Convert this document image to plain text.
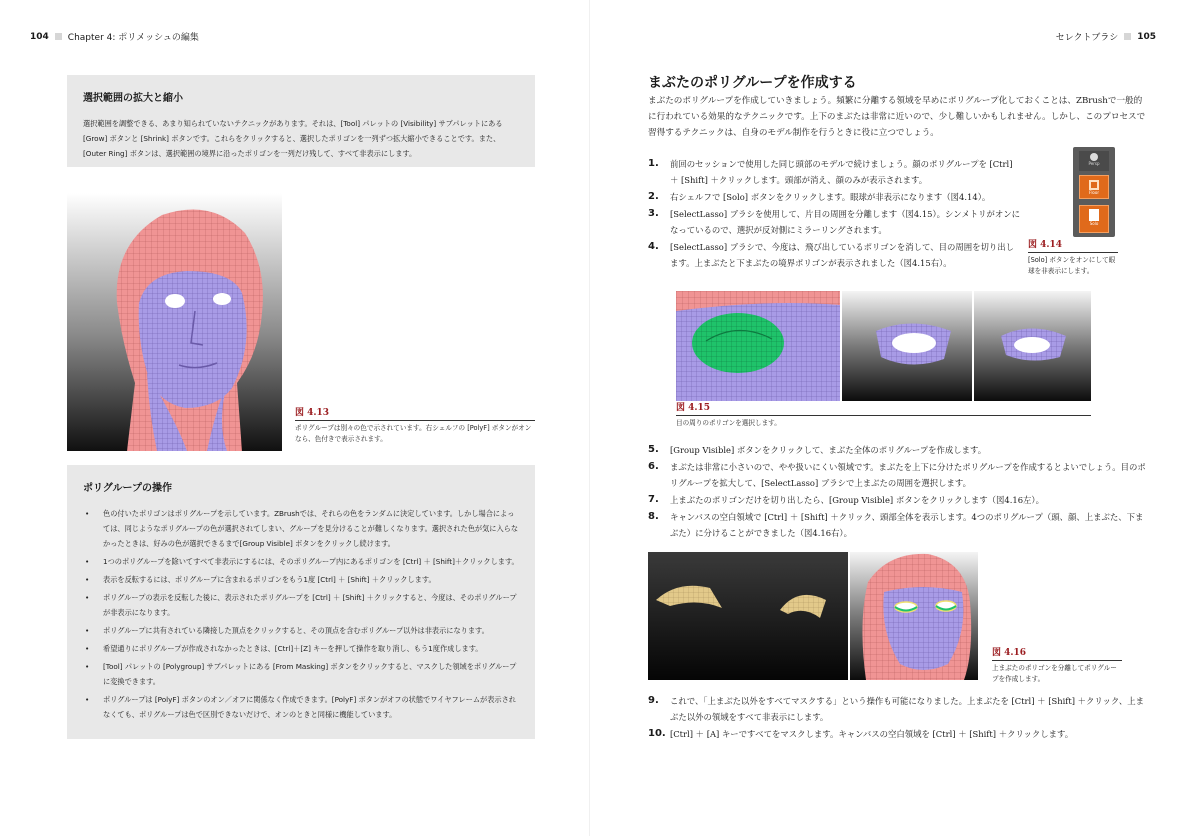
104 Chapter 4: ポリメッシュの編集
選択範囲の拡大と縮小

選択範囲を調整できる、あまり知られていないテクニックがあります。それは、[Tool] パレットの [Visibility] サブパレットにある [Grow] ボタンと [Shrink] ボタンです。これらをクリックすると、選択したポリゴンを一列ずつ拡大縮小できることです。また、[Outer Ring] ボタンは、選択範囲の境界に沿ったポリゴンを一列だけ残して、すべて非表示にします。

図 4.13
ポリグループは別々の色で示されています。右シェルフの [PolyF] ボタンがオンなら、色付きで表示されます。
ポリグループの操作
• 色の付いたポリゴンはポリグループを示しています。ZBrushでは、それらの色をランダムに決定しています。しかし場合によっては、同じようなポリグループの色が選択されてしまい、グループを見分けることが難しくなります。選択された色が気に入らなかったときは、好みの色が選択できるまで[Group Visible] ボタンをクリックし続けます。
• 1つのポリグループを除いてすべて非表示にするには、そのポリグループ内にあるポリゴンを [Ctrl] ＋ [Shift]＋クリックします。
• 表示を反転するには、ポリグループに含まれるポリゴンをもう1度 [Ctrl] ＋ [Shift] ＋クリックします。
• ポリグループの表示を反転した後に、表示されたポリグループを [Ctrl] ＋ [Shift] ＋クリックすると、今度は、そのポリグループが非表示になります。
• ポリグループに共有されている隣接した頂点をクリックすると、その頂点を含むポリグループ以外は非表示になります。
• 希望通りにポリグループが作成されなかったときは、[Ctrl]＋[Z] キーを押して操作を取り消し、もう1度作成します。
• [Tool] パレットの [Polygroup] サブパレットにある [From Masking] ボタンをクリックすると、マスクした領域をポリグループに変換できます。
• ポリグループは [PolyF] ボタンのオン／オフに関係なく作成できます。[PolyF] ボタンがオフの状態でワイヤフレームが表示されなくても、ポリグループは色で区別できないだけで、オンのときと同様に機能しています。
セレクトブラシ 105
まぶたのポリグループを作成する

まぶたのポリグループを作成していきましょう。頻繁に分離する領域を早めにポリグループ化しておくことは、ZBrushで一般的に行われている効果的なテクニックです。上下のまぶたは非常に近いので、少し難しいかもしれません。しかし、このプロセスで習得するテクニックは、自身のモデル制作を行うときに役に立つでしょう。

1. 前回のセッションで使用した同じ頭部のモデルで続けましょう。顔のポリグループを [Ctrl] ＋ [Shift] ＋クリックします。頭部が消え、顔のみが表示されます。
2. 右シェルフで [Solo] ボタンをクリックします。眼球が非表示になります（図4.14）。
3. [SelectLasso] ブラシを使用して、片目の周囲を分離します（図4.15）。シンメトリがオンになっているので、選択が反対側にミラーリングされます。
4. [SelectLasso] ブラシで、今度は、飛び出しているポリゴンを消して、目の周囲を切り出します。上まぶたと下まぶたの境界ポリゴンが表示されました（図4.15右）。
Persp
Floor
Solo
図 4.14
[Solo] ボタンをオンにして眼球を非表示にします。
図 4.15
目の周りのポリゴンを選択します。
5. [Group Visible] ボタンをクリックして、まぶた全体のポリグループを作成します。
6. まぶたは非常に小さいので、やや扱いにくい領域です。まぶたを上下に分けたポリグループを作成するとよいでしょう。目のポリグループを拡大して、[SelectLasso] ブラシで上まぶたの周囲を選択します。
7. 上まぶたのポリゴンだけを切り出したら、[Group Visible] ボタンをクリックします（図4.16左）。
8. キャンバスの空白領域で [Ctrl] ＋ [Shift] ＋クリック、頭部全体を表示します。4つのポリグループ（頭、顔、上まぶた、下まぶた）に分けることができました（図4.16右）。
図 4.16
上まぶたのポリゴンを分離してポリグループを作成します。
9. これで、「上まぶた以外をすべてマスクする」という操作も可能になりました。上まぶたを [Ctrl] ＋ [Shift] ＋クリック、上まぶた以外の領域をすべて非表示にします。
10. [Ctrl] ＋ [A] キーですべてをマスクします。キャンバスの空白領域を [Ctrl] ＋ [Shift] ＋クリックします。
